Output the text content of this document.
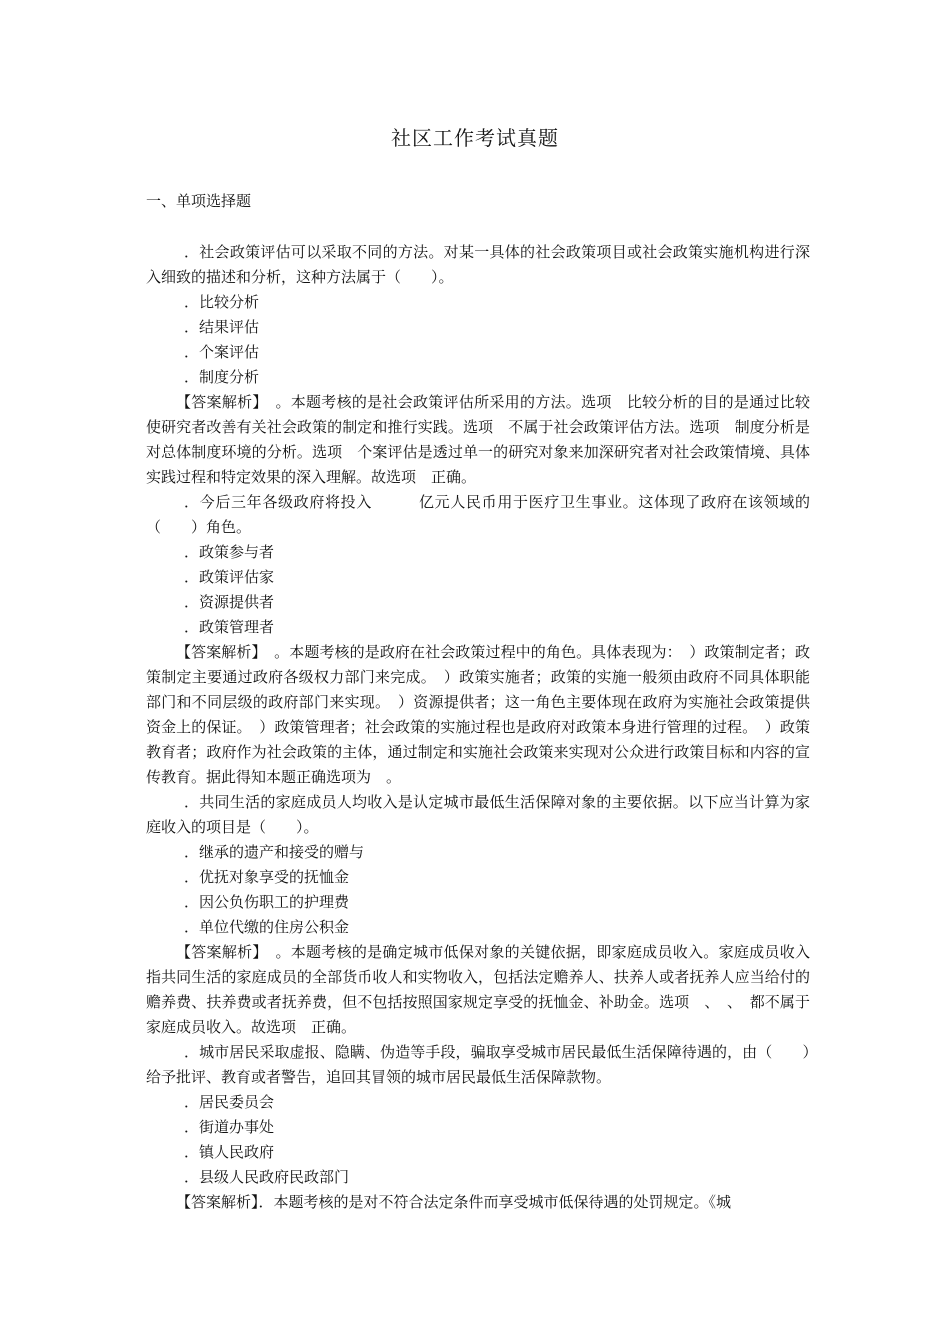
社区工作考试真题
一、单项选择题

．社会政策评估可以采取不同的方法。对某一具体的社会政策项目或社会政策实施机构进行深入细致的描述和分析，这种方法属于（　　）。

．比较分析

．结果评估

．个案评估

．制度分析

【答案解析】　。本题考核的是社会政策评估所采用的方法。选项　比较分析的目的是通过比较使研究者改善有关社会政策的制定和推行实践。选项　不属于社会政策评估方法。选项　制度分析是对总体制度环境的分析。选项　个案评估是透过单一的研究对象来加深研究者对社会政策情境、具体实践过程和特定效果的深入理解。故选项　正确。

．今后三年各级政府将投入　　　亿元人民币用于医疗卫生事业。这体现了政府在该领域的（　　）角色。

．政策参与者

．政策评估家

．资源提供者

．政策管理者

【答案解析】　。本题考核的是政府在社会政策过程中的角色。具体表现为：　）政策制定者；政策制定主要通过政府各级权力部门来完成。　）政策实施者；政策的实施一般须由政府不同具体职能部门和不同层级的政府部门来实现。　）资源提供者；这一角色主要体现在政府为实施社会政策提供资金上的保证。　）政策管理者；社会政策的实施过程也是政府对政策本身进行管理的过程。　）政策教育者；政府作为社会政策的主体，通过制定和实施社会政策来实现对公众进行政策目标和内容的宣传教育。据此得知本题正确选项为　。

．共同生活的家庭成员人均收入是认定城市最低生活保障对象的主要依据。以下应当计算为家庭收入的项目是（　　）。

．继承的遗产和接受的赠与

．优抚对象享受的抚恤金

．因公负伤职工的护理费

．单位代缴的住房公积金

【答案解析】　。本题考核的是确定城市低保对象的关键依据，即家庭成员收入。家庭成员收入指共同生活的家庭成员的全部货币收人和实物收入，包括法定赡养人、扶养人或者抚养人应当给付的赡养费、扶养费或者抚养费，但不包括按照国家规定享受的抚恤金、补助金。选项　、　、　都不属于家庭成员收入。故选项　正确。

．城市居民采取虚报、隐瞒、伪造等手段，骗取享受城市居民最低生活保障待遇的，由（　　）给予批评、教育或者警告，追回其冒领的城市居民最低生活保障款物。

．居民委员会

．街道办事处

．镇人民政府

．县级人民政府民政部门

【答案解析】．本题考核的是对不符合法定条件而享受城市低保待遇的处罚规定。《城
